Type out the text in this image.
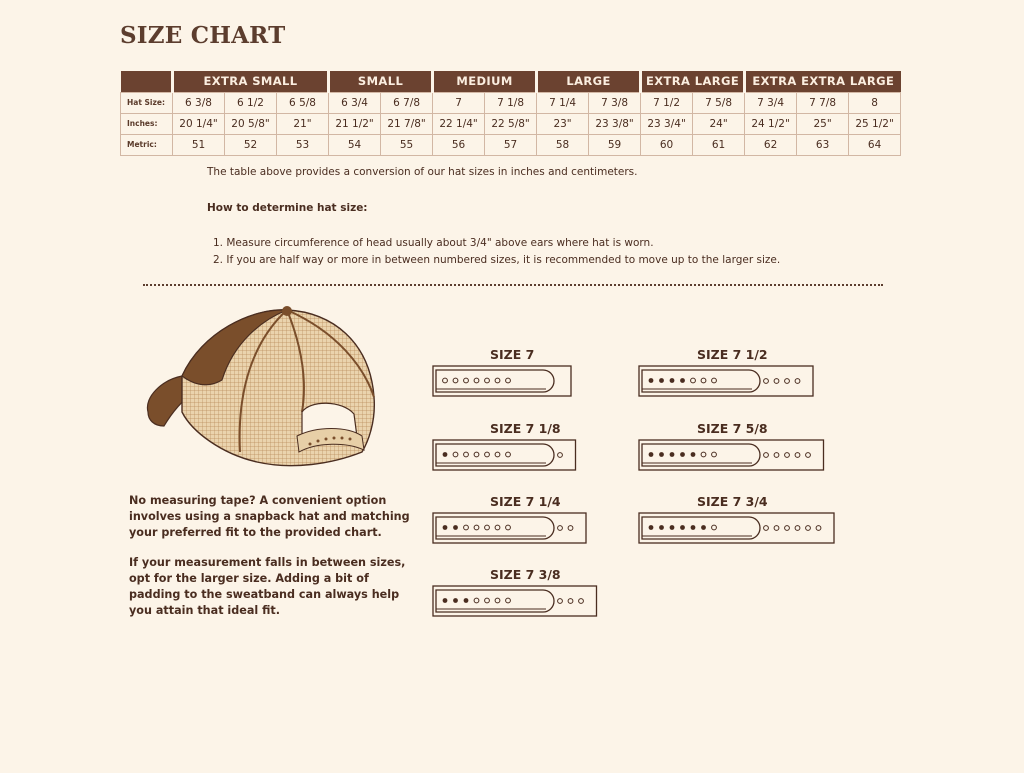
SIZE CHART
	EXTRA SMALL			SMALL		MEDIUM		LARGE		EXTRA LARGE		EXTRA EXTRA LARGE		
Hat Size:	6 3/8	6 1/2	6 5/8	6 3/4	6 7/8	7	7 1/8	7 1/4	7 3/8	7 1/2	7 5/8	7 3/4	7 7/8	8
Inches:	20 1/4"	20 5/8"	21"	21 1/2"	21 7/8"	22 1/4"	22 5/8"	23"	23 3/8"	23 3/4"	24"	24 1/2"	25"	25 1/2"
Metric:	51	52	53	54	55	56	57	58	59	60	61	62	63	64
The table above provides a conversion of our hat sizes in inches and centimeters.
How to determine hat size:
1. Measure circumference of head usually about 3/4" above ears where hat is worn.
2. If you are half way or more in between numbered sizes, it is recommended to move up to the larger size.
No measuring tape? A convenient option involves using a snapback hat and matching your preferred fit to the provided chart.
If your measurement falls in between sizes, opt for the larger size. Adding a bit of padding to the sweatband can always help you attain that ideal fit.
SIZE 7
SIZE 7 1/8
SIZE 7 1/4
SIZE 7 3/8
SIZE 7 1/2
SIZE 7 5/8
SIZE 7 3/4
